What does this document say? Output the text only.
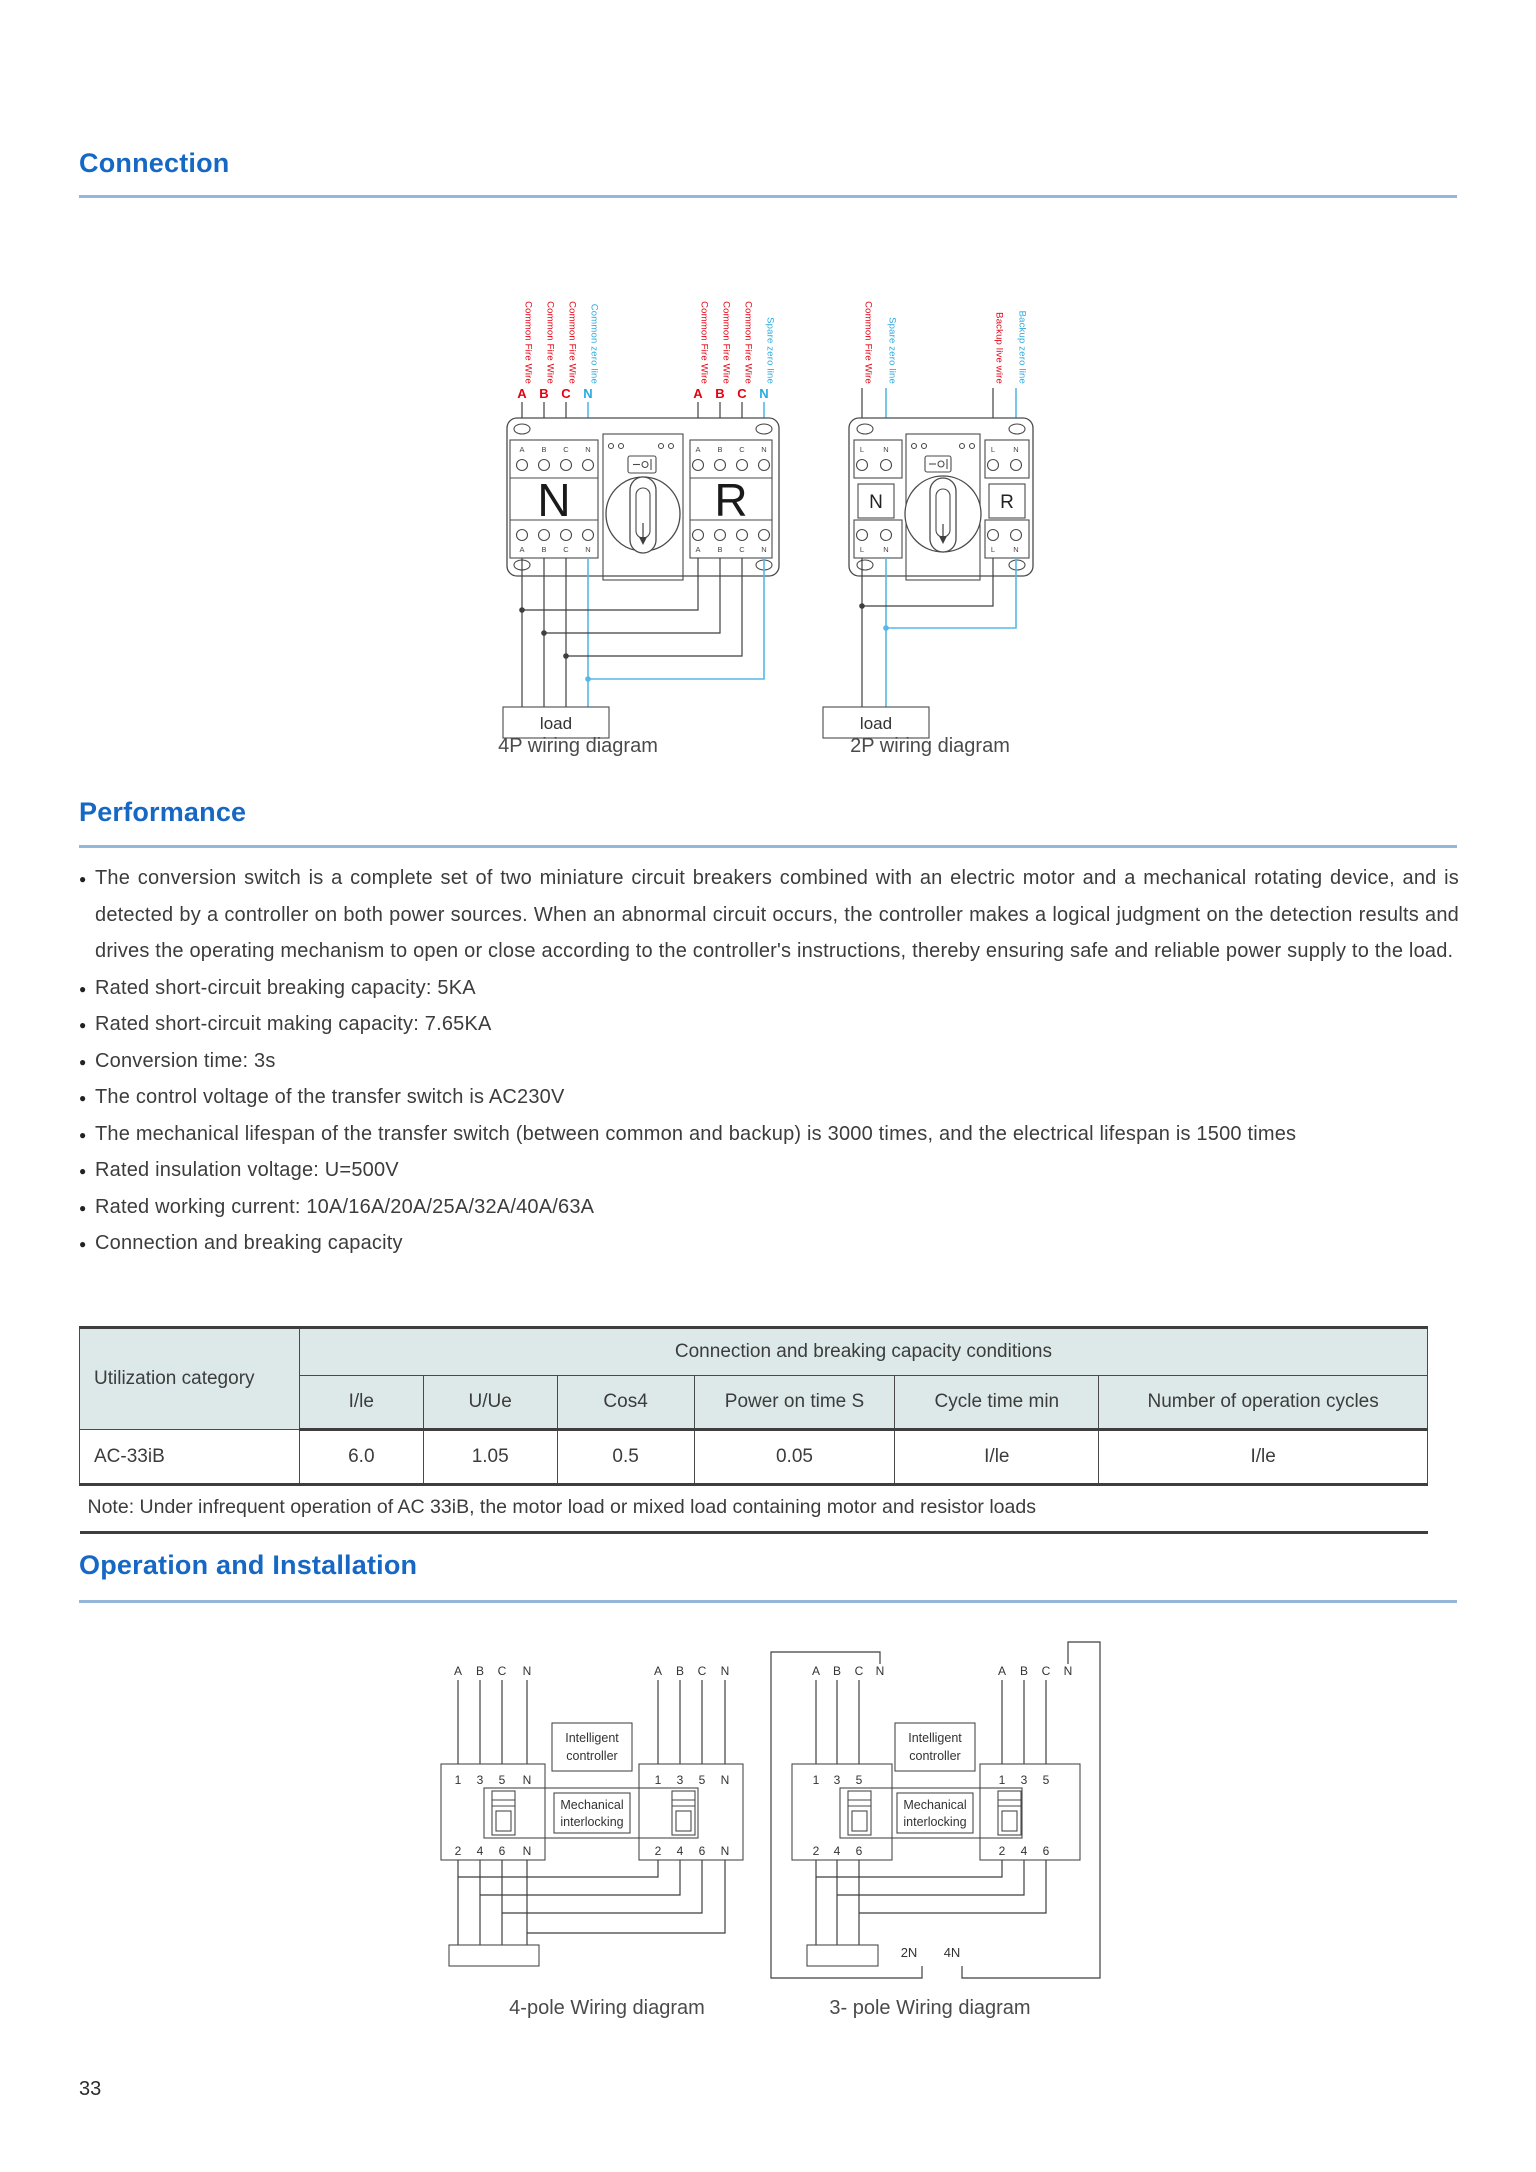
Connection
Common Fire Wire Common Fire Wire Common Fire Wire Common zero line	Common Fire Wire Common Fire Wire Common Fire Wire Spare zero line
A B C N	A B C N
A B C N
N
A B C N
A B C N
R
A B C N
load
4P wiring diagram
Common Fire Wire Spare zero line	Backup live wire Backup zero line
L	N
L	N
N
L N
L N
R
load
2P wiring diagram
Performance
● The conversion switch is a complete set of two miniature circuit breakers combined with an electric motor and a mechanical rotating device, and is detected by a controller on both power sources. When an abnormal circuit occurs, the controller makes a logical judgment on the detection results and drives the operating mechanism to open or close according to the controller's instructions, thereby ensuring safe and reliable power supply to the load.
● Rated short-circuit breaking capacity: 5KA
● Rated short-circuit making capacity: 7.65KA
● Conversion time: 3s
● The control voltage of the transfer switch is AC230V
● The mechanical lifespan of the transfer switch (between common and backup) is 3000 times, and the electrical lifespan is 1500 times
● Rated insulation voltage: U=500V
● Rated working current: 10A/16A/20A/25A/32A/40A/63A
● Connection and breaking capacity
Utilization category	Connection and breaking capacity conditions					
	I/le	U/Ue	Cos4	Power on time S	Cycle time min	Number of operation cycles
AC-33iB	6.0	1.05	0.5	0.05	I/le	I/le
Note: Under infrequent operation of AC 33iB, the motor load or mixed load containing motor and resistor loads						
Operation and Installation
A B C N	A B C N
1 3 5 N	1 3 5 N
2 4 6 N	2 4 6 N
Intelligent
controller
Mechanical
interlocking
4-pole Wiring diagram
A B C N	A B C N
1 3 5	1 3 5
2 4 6	2 4 6
Intelligent
controller
Mechanical
interlocking
2N 4N
3- pole Wiring diagram
33
